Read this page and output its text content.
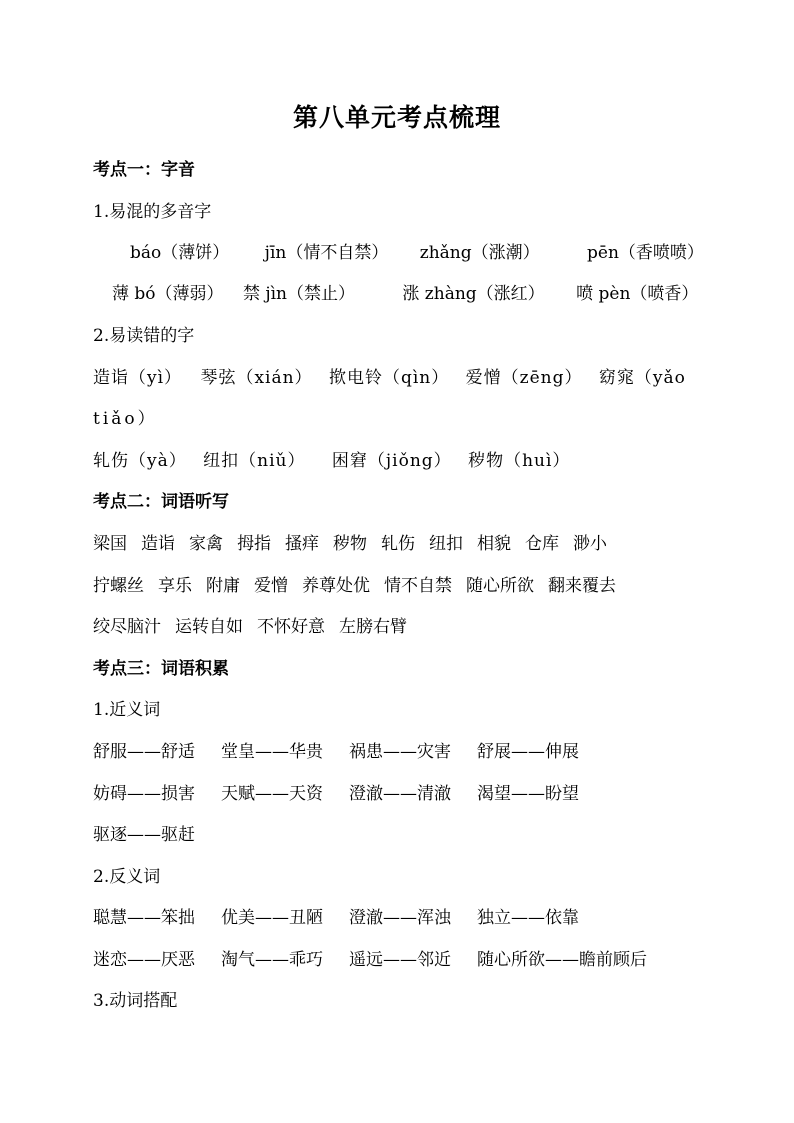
第八单元考点梳理
考点一：字音
1.易混的多音字
báo（薄饼） jīn（情不自禁） zhǎng（涨潮）	pēn（香喷喷）
薄 bó（薄弱） 禁 jìn（禁止）	涨 zhàng（涨红） 喷 pèn（喷香）
2.易读错的字
造诣（yì） 琴弦（xián） 揿电铃（qìn） 爱憎（zēng） 窈窕（yǎo
tiǎo）
轧伤（yà） 纽扣（niǔ） 困窘（jiǒng） 秽物（huì）
考点二：词语听写
梁国 造诣 家禽 拇指 搔痒 秽物 轧伤 纽扣 相貌 仓库 渺小
拧螺丝 享乐 附庸 爱憎 养尊处优 情不自禁 随心所欲 翻来覆去
绞尽脑汁 运转自如 不怀好意 左膀右臂
考点三：词语积累
1.近义词
舒服——舒适 堂皇——华贵 祸患——灾害 舒展——伸展
妨碍——损害 天赋——天资 澄澈——清澈 渴望——盼望
驱逐——驱赶
2.反义词
聪慧——笨拙 优美——丑陋 澄澈——浑浊 独立——依靠
迷恋——厌恶 淘气——乖巧 遥远——邻近 随心所欲——瞻前顾后
3.动词搭配
